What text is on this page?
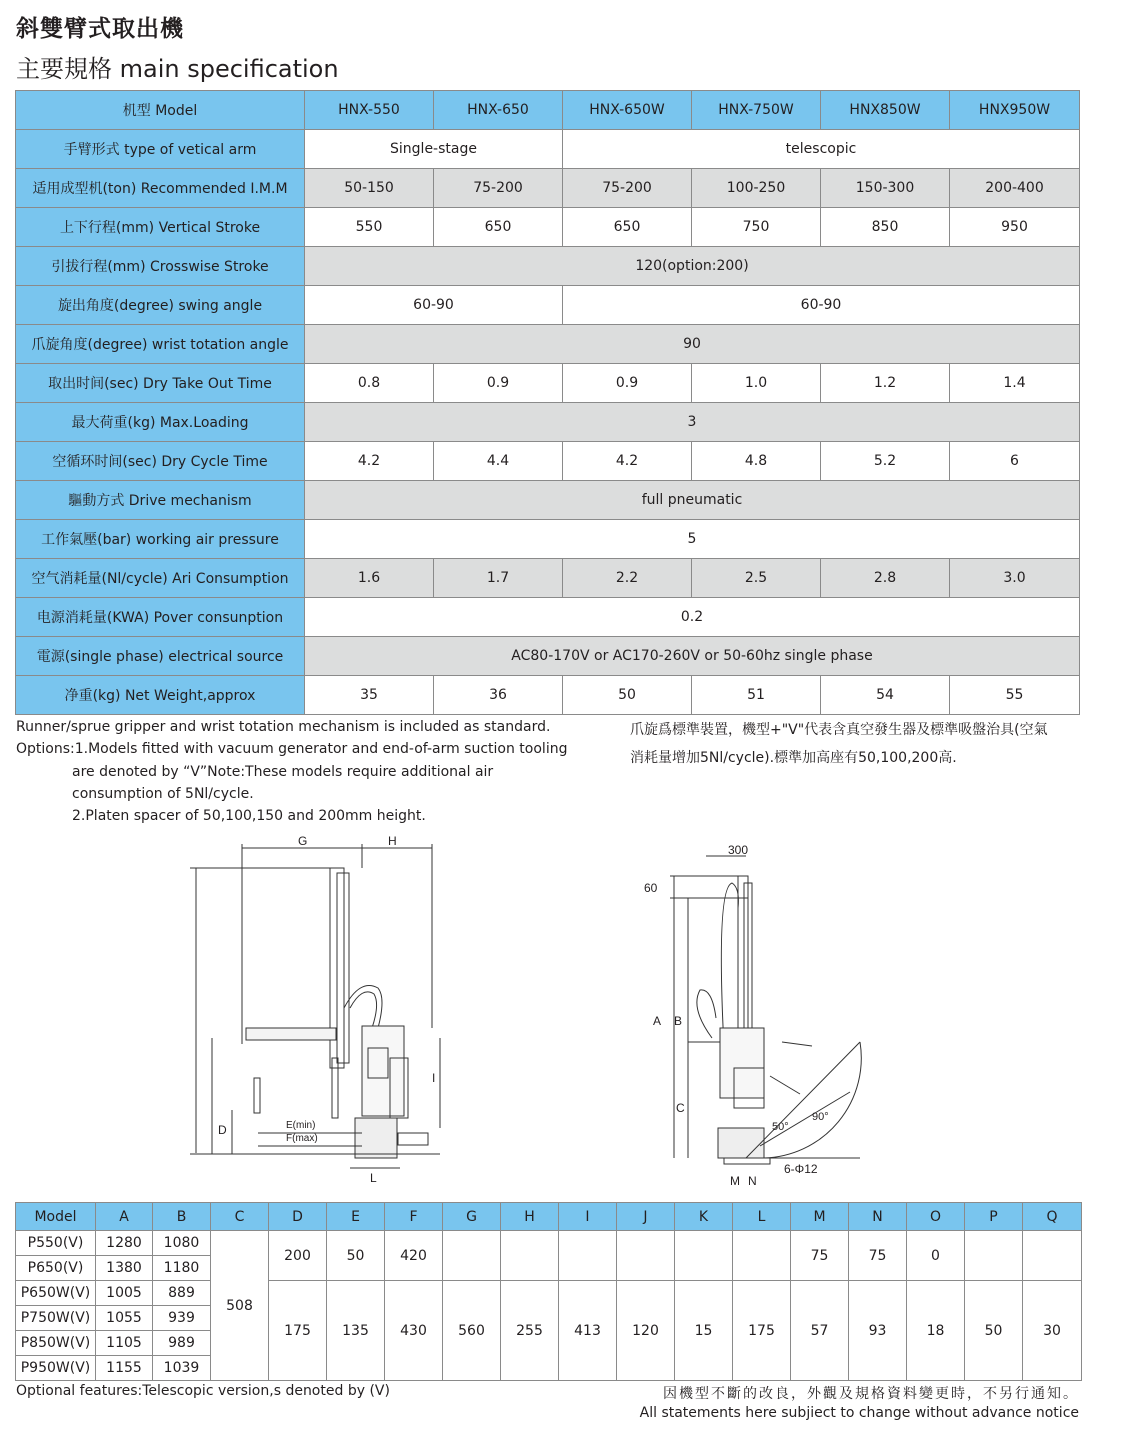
斜雙臂式取出機
主要規格 main specification
机型 Model	HNX-550	HNX-650	HNX-650W	HNX-750W	HNX850W	HNX950W
手臂形式 type of vetical arm	Single-stage		telescopic			
适用成型机(ton) Recommended I.M.M	50-150	75-200	75-200	100-250	150-300	200-400
上下行程(mm) Vertical Stroke	550	650	650	750	850	950
引拔行程(mm) Crosswise Stroke	120(option:200)					
旋出角度(degree) swing angle	60-90		60-90			
爪旋角度(degree) wrist totation angle	90					
取出时间(sec) Dry Take Out Time	0.8	0.9	0.9	1.0	1.2	1.4
最大荷重(kg) Max.Loading	3					
空循环时间(sec) Dry Cycle Time	4.2	4.4	4.2	4.8	5.2	6
驅動方式 Drive mechanism	full pneumatic					
工作氣壓(bar) working air pressure	5					
空气消耗量(Nl/cycle) Ari Consumption	1.6	1.7	2.2	2.5	2.8	3.0
电源消耗量(KWA) Pover consunption	0.2					
電源(single phase) electrical source	AC80-170V or AC170-260V or 50-60hz single phase					
净重(kg) Net Weight,approx	35	36	50	51	54	55
Runner/sprue gripper and wrist totation mechanism is included as standard.
Options:1.Models fitted with vacuum generator and end-of-arm suction tooling
are denoted by “V”Note:These models require additional air
consumption of 5Nl/cycle.
2.Platen spacer of 50,100,150 and 200mm height.
爪旋爲標準裝置，機型+"V"代表含真空發生器及標準吸盤治具(空氣
消耗量增加5Nl/cycle).標準加高座有50,100,200高.
G	H
I
D	E(min)
F(max)
L
300
60
A B
C
50°
90°
6-Φ12
M N
Model	A	B	C	D	E	F	G	H	I	J	K	L	M	N	O	P	Q
P550(V)	1280	1080	508	200	50	420							75	75	0		
P650(V)	1380	1180															
P650W(V)	1005	889		175	135	430	560	255	413	120	15	175	57	93	18	50	30
P750W(V)	1055	939															
P850W(V)	1105	989															
P950W(V)	1155	1039															
Optional features:Telescopic version,s denoted by (Ⅴ)	因機型不斷的改良，外觀及規格資料變更時，不另行通知。
All statements here subjiect to change without advance notice
